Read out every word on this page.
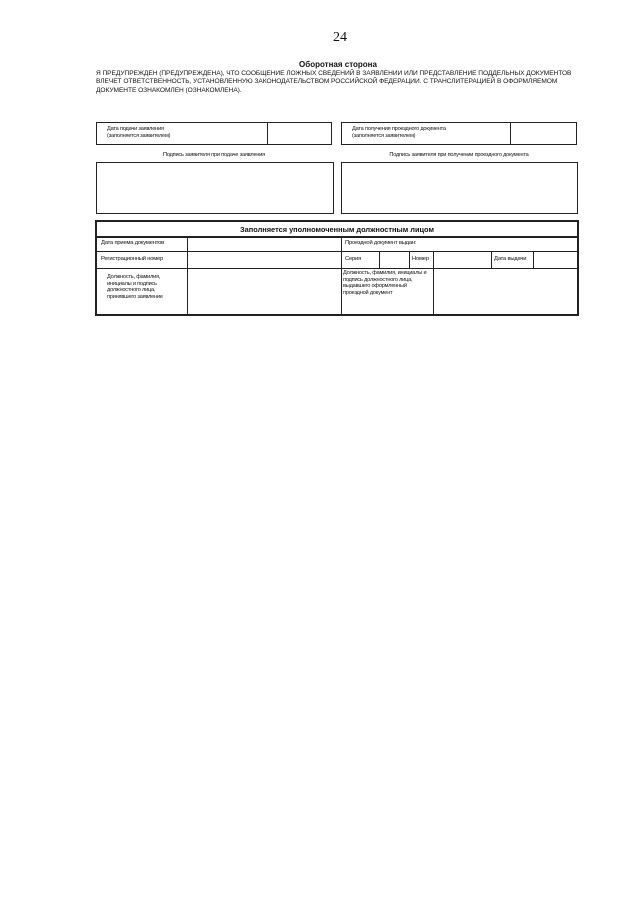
24
Оборотная сторона
Я ПРЕДУПРЕЖДЕН (ПРЕДУПРЕЖДЕНА), ЧТО СООБЩЕНИЕ ЛОЖНЫХ СВЕДЕНИЙ В ЗАЯВЛЕНИИ ИЛИ ПРЕДСТАВЛЕНИЕ ПОДДЕЛЬНЫХ ДОКУМЕНТОВ ВЛЕЧЕТ ОТВЕТСТВЕННОСТЬ, УСТАНОВЛЕННУЮ ЗАКОНОДАТЕЛЬСТВОМ РОССИЙСКОЙ ФЕДЕРАЦИИ. С ТРАНСЛИТЕРАЦИЕЙ В ОФОРМЛЯЕМОМ ДОКУМЕНТЕ ОЗНАКОМЛЕН (ОЗНАКОМЛЕНА).
Дата подачи заявления
(заполняется заявителем)
Дата получения проездного документа
(заполняется заявителем)
Подпись заявителя при подаче заявления	Подпись заявителя при получении проездного документа
Заполняется уполномоченным должностным лицом
Дата приема документов	Проездной документ выдан:
Регистрационный номер	Серия	Номер	Дата выдачи
Должность, фамилия, инициалы и подпись должностного лица, принявшего заявление
Должность, фамилия, инициалы и подпись должностного лица, выдавшего оформленный проездной документ
